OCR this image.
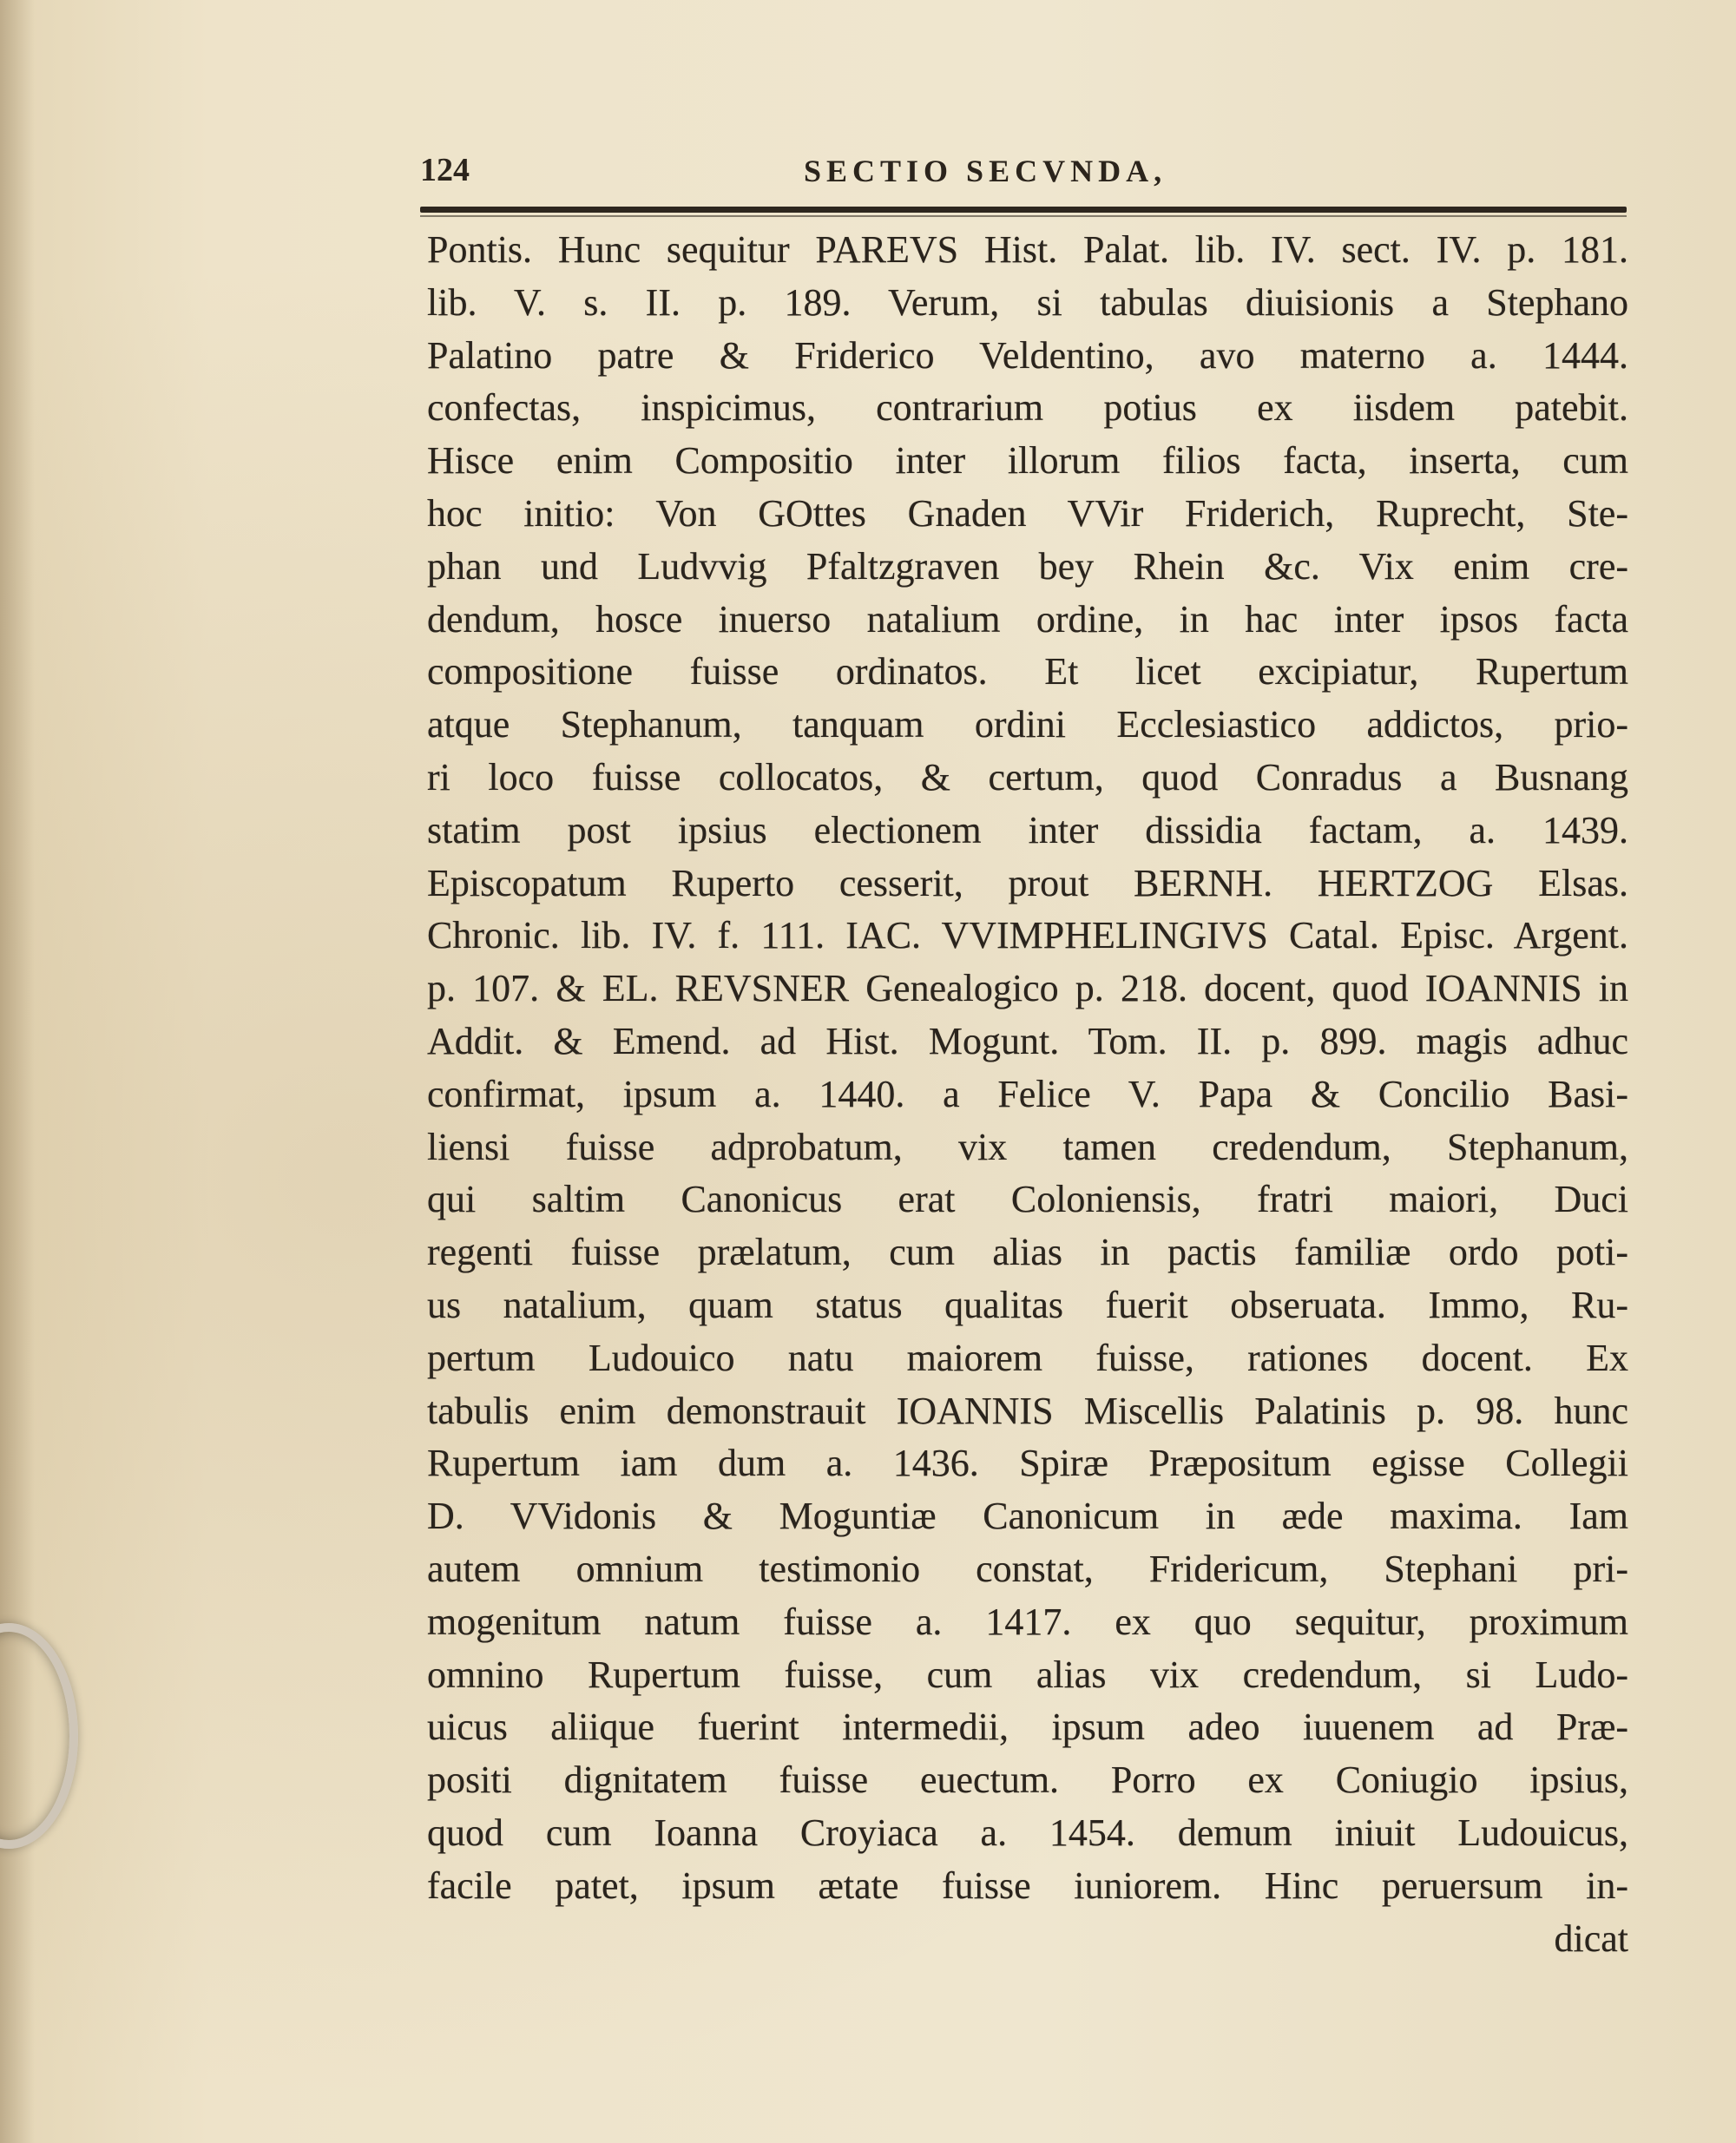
124	SECTIO SECVNDA,
Pontis. Hunc sequitur PAREVS Hist. Palat. lib. IV. sect. IV. p. 181.
lib. V. s. II. p. 189. Verum, si tabulas diuisionis a Stephano
Palatino patre & Friderico Veldentino, avo materno a. 1444.
confectas, inspicimus, contrarium potius ex iisdem patebit.
Hisce enim Compositio inter illorum filios facta, inserta, cum
hoc initio: Von GOttes Gnaden VVir Friderich, Ruprecht, Ste-
phan und Ludvvig Pfaltzgraven bey Rhein &c. Vix enim cre-
dendum, hosce inuerso natalium ordine, in hac inter ipsos facta
compositione fuisse ordinatos. Et licet excipiatur, Rupertum
atque Stephanum, tanquam ordini Ecclesiastico addictos, prio-
ri loco fuisse collocatos, & certum, quod Conradus a Busnang
statim post ipsius electionem inter dissidia factam, a. 1439.
Episcopatum Ruperto cesserit, prout BERNH. HERTZOG Elsas.
Chronic. lib. IV. f. 111. IAC. VVIMPHELINGIVS Catal. Episc. Argent.
p. 107. & EL. REVSNER Genealogico p. 218. docent, quod IOANNIS in
Addit. & Emend. ad Hist. Mogunt. Tom. II. p. 899. magis adhuc
confirmat, ipsum a. 1440. a Felice V. Papa & Concilio Basi-
liensi fuisse adprobatum, vix tamen credendum, Stephanum,
qui saltim Canonicus erat Coloniensis, fratri maiori, Duci
regenti fuisse prælatum, cum alias in pactis familiæ ordo poti-
us natalium, quam status qualitas fuerit obseruata. Immo, Ru-
pertum Ludouico natu maiorem fuisse, rationes docent. Ex
tabulis enim demonstrauit IOANNIS Miscellis Palatinis p. 98. hunc
Rupertum iam dum a. 1436. Spiræ Præpositum egisse Collegii
D. VVidonis & Moguntiæ Canonicum in æde maxima. Iam
autem omnium testimonio constat, Fridericum, Stephani pri-
mogenitum natum fuisse a. 1417. ex quo sequitur, proximum
omnino Rupertum fuisse, cum alias vix credendum, si Ludo-
uicus aliique fuerint intermedii, ipsum adeo iuuenem ad Præ-
positi dignitatem fuisse euectum. Porro ex Coniugio ipsius,
quod cum Ioanna Croyiaca a. 1454. demum iniuit Ludouicus,
facile patet, ipsum ætate fuisse iuniorem. Hinc peruersum in-
dicat
